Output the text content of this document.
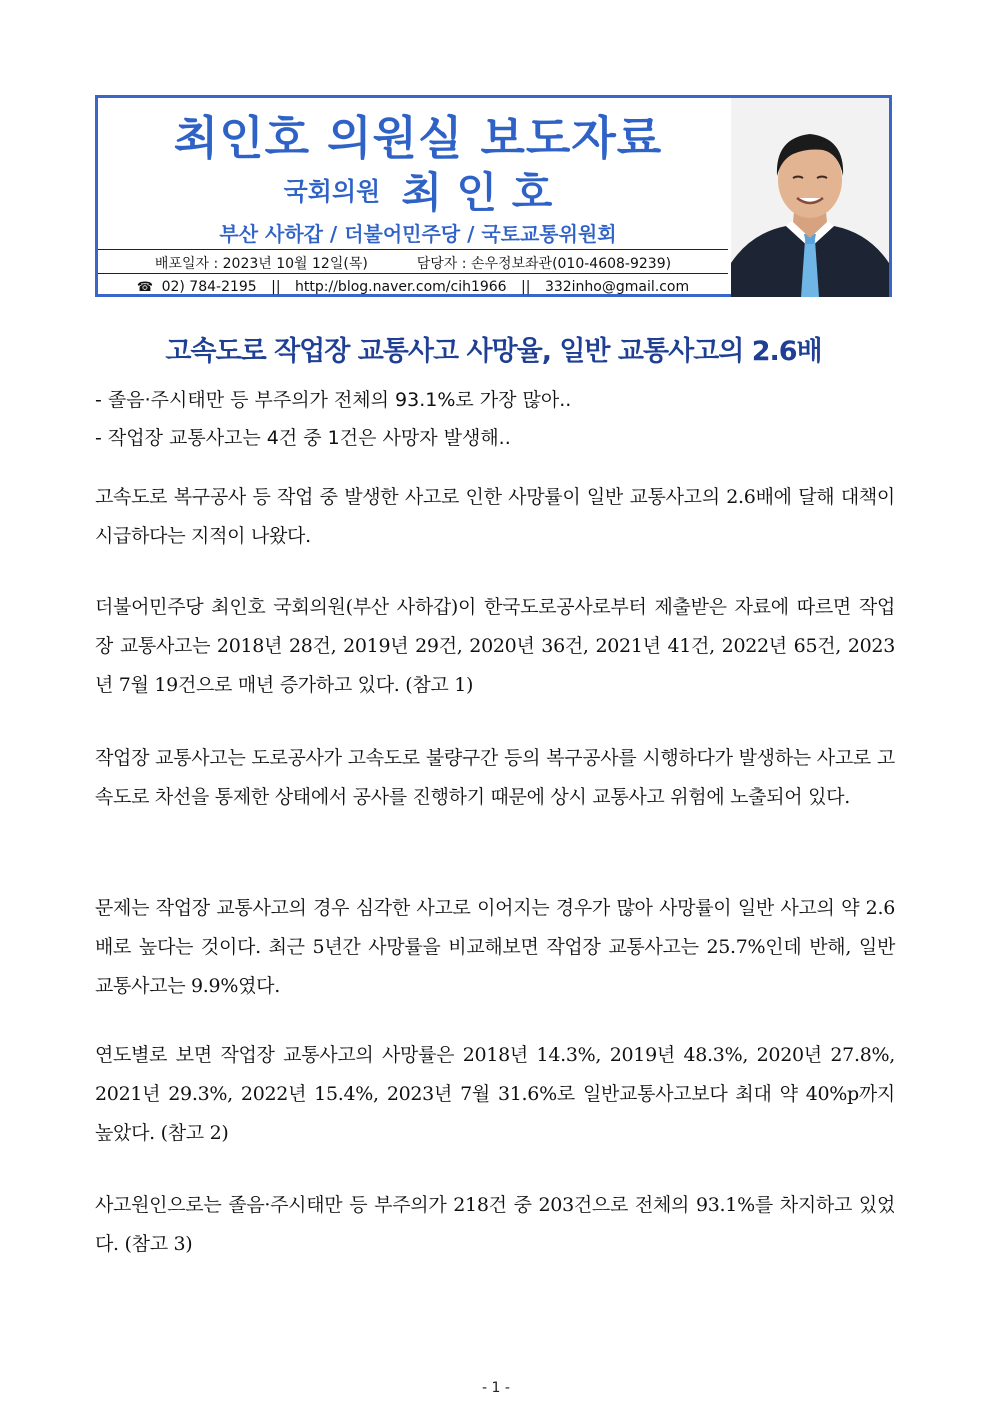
최인호 의원실 보도자료
국회의원 최 인 호
부산 사하갑 / 더불어민주당 / 국토교통위원회
배포일자 : 2023년 10월 12일(목)	담당자 : 손우정보좌관(010-4608-9239)
☎ 02) 784-2195 || http://blog.naver.com/cih1966 || 332inho@gmail.com
고속도로 작업장 교통사고 사망율, 일반 교통사고의 2.6배
- 졸음·주시태만 등 부주의가 전체의 93.1%로 가장 많아..
- 작업장 교통사고는 4건 중 1건은 사망자 발생해..

고속도로 복구공사 등 작업 중 발생한 사고로 인한 사망률이 일반 교통사고의 2.6배에 달해 대책이 시급하다는 지적이 나왔다.

더불어민주당 최인호 국회의원(부산 사하갑)이 한국도로공사로부터 제출받은 자료에 따르면 작업장 교통사고는 2018년 28건, 2019년 29건, 2020년 36건, 2021년 41건, 2022년 65건, 2023년 7월 19건으로 매년 증가하고 있다. (참고 1)

작업장 교통사고는 도로공사가 고속도로 불량구간 등의 복구공사를 시행하다가 발생하는 사고로 고속도로 차선을 통제한 상태에서 공사를 진행하기 때문에 상시 교통사고 위험에 노출되어 있다.

문제는 작업장 교통사고의 경우 심각한 사고로 이어지는 경우가 많아 사망률이 일반 사고의 약 2.6배로 높다는 것이다. 최근 5년간 사망률을 비교해보면 작업장 교통사고는 25.7%인데 반해, 일반 교통사고는 9.9%였다.

연도별로 보면 작업장 교통사고의 사망률은 2018년 14.3%, 2019년 48.3%, 2020년 27.8%, 2021년 29.3%, 2022년 15.4%, 2023년 7월 31.6%로 일반교통사고보다 최대 약 40%p까지 높았다. (참고 2)

사고원인으로는 졸음·주시태만 등 부주의가 218건 중 203건으로 전체의 93.1%를 차지하고 있었다. (참고 3)

- 1 -
